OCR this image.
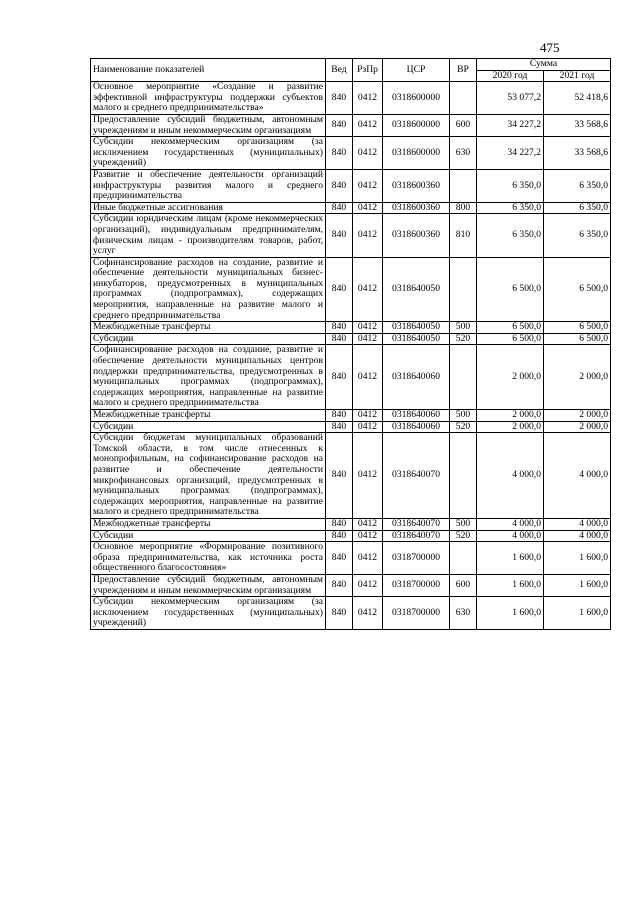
475
Наименование показателей	Вед	РзПр	ЦСР	ВР	Сумма	
					2020 год	2021 год
Основное мероприятие «Создание и развитие эффективной инфраструктуры поддержки субъектов малого и среднего предпринимательства»	840	0412	0318600000		53 077,2	52 418,6
Предоставление субсидий бюджетным, автономным учреждениям и иным некоммерческим организациям	840	0412	0318600000	600	34 227,2	33 568,6
Субсидии некоммерческим организациям (за исключением государственных (муниципальных) учреждений)	840	0412	0318600000	630	34 227,2	33 568,6
Развитие и обеспечение деятельности организаций инфраструктуры развития малого и среднего предпринимательства	840	0412	0318600360		6 350,0	6 350,0
Иные бюджетные ассигнования	840	0412	0318600360	800	6 350,0	6 350,0
Субсидии юридическим лицам (кроме некоммерческих организаций), индивидуальным предпринимателям, физическим лицам - производителям товаров, работ, услуг	840	0412	0318600360	810	6 350,0	6 350,0
Софинансирование расходов на создание, развитие и обеспечение деятельности муниципальных бизнес-инкубаторов, предусмотренных в муниципальных программах (подпрограммах), содержащих мероприятия, направленные на развитие малого и среднего предпринимательства	840	0412	0318640050		6 500,0	6 500,0
Межбюджетные трансферты	840	0412	0318640050	500	6 500,0	6 500,0
Субсидии	840	0412	0318640050	520	6 500,0	6 500,0
Софинансирование расходов на создание, развитие и обеспечение деятельности муниципальных центров поддержки предпринимательства, предусмотренных в муниципальных программах (подпрограммах), содержащих мероприятия, направленные на развитие малого и среднего предпринимательства	840	0412	0318640060		2 000,0	2 000,0
Межбюджетные трансферты	840	0412	0318640060	500	2 000,0	2 000,0
Субсидии	840	0412	0318640060	520	2 000,0	2 000,0
Субсидии бюджетам муниципальных образований Томской области, в том числе отнесенных к монопрофильным, на софинансирование расходов на развитие и обеспечение деятельности микрофинансовых организаций, предусмотренных в муниципальных программах (подпрограммах), содержащих мероприятия, направленные на развитие малого и среднего предпринимательства	840	0412	0318640070		4 000,0	4 000,0
Межбюджетные трансферты	840	0412	0318640070	500	4 000,0	4 000,0
Субсидии	840	0412	0318640070	520	4 000,0	4 000,0
Основное мероприятие «Формирование позитивного образа предпринимательства, как источника роста общественного благосостояния»	840	0412	0318700000		1 600,0	1 600,0
Предоставление субсидий бюджетным, автономным учреждениям и иным некоммерческим организациям	840	0412	0318700000	600	1 600,0	1 600,0
Субсидии некоммерческим организациям (за исключением государственных (муниципальных) учреждений)	840	0412	0318700000	630	1 600,0	1 600,0
